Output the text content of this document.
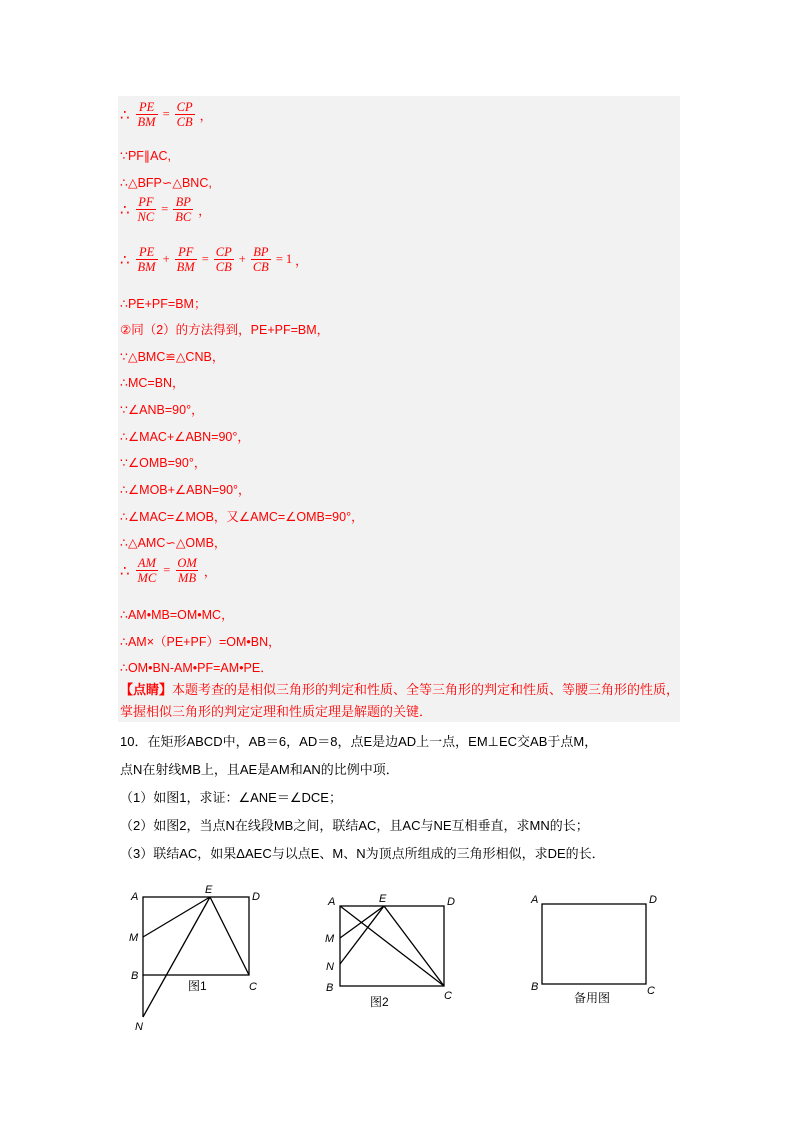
∴ $\frac{PE}{BM} = \frac{CP}{CB}$ ，
∵PF∥AC,
∴△BFP∽△BNC,
∴ $\frac{PF}{NC} = \frac{BP}{BC}$ ，
∴ $\frac{PE}{BM} + \frac{PF}{BM} = \frac{CP}{CB} + \frac{BP}{CB} = 1$ ，
∴PE+PF=BM；
②同（2）的方法得到，PE+PF=BM，
∵△BMC≌△CNB，
∴MC=BN，
∵∠ANB=90°，
∴∠MAC+∠ABN=90°，
∵∠OMB=90°，
∴∠MOB+∠ABN=90°，
∴∠MAC=∠MOB，又∠AMC=∠OMB=90°，
∴△AMC∽△OMB，
∴ $\frac{AM}{MC} = \frac{OM}{MB}$ ，
∴AM•MB=OM•MC，
∴AM×（PE+PF）=OM•BN，
∴OM•BN-AM•PF=AM•PE．
【点睛】本题考查的是相似三角形的判定和性质、全等三角形的判定和性质、等腰三角形的性质，掌握相似三角形的判定定理和性质定理是解题的关键．
10．在矩形ABCD中，AB＝6，AD＝8，点E是边AD上一点，EM⊥EC交AB于点M，
点N在射线MB上，且AE是AM和AN的比例中项．
（1）如图1，求证：∠ANE＝∠DCE；
（2）如图2，当点N在线段MB之间，联结AC，且AC与NE互相垂直，求MN的长；
（3）联结AC，如果ΔAEC与以点E、M、N为顶点所组成的三角形相似，求DE的长．
A
E
D
M
B
C
N
图1
A	E	D
M
N
B
C
图2
A	D
B	C
备用图
